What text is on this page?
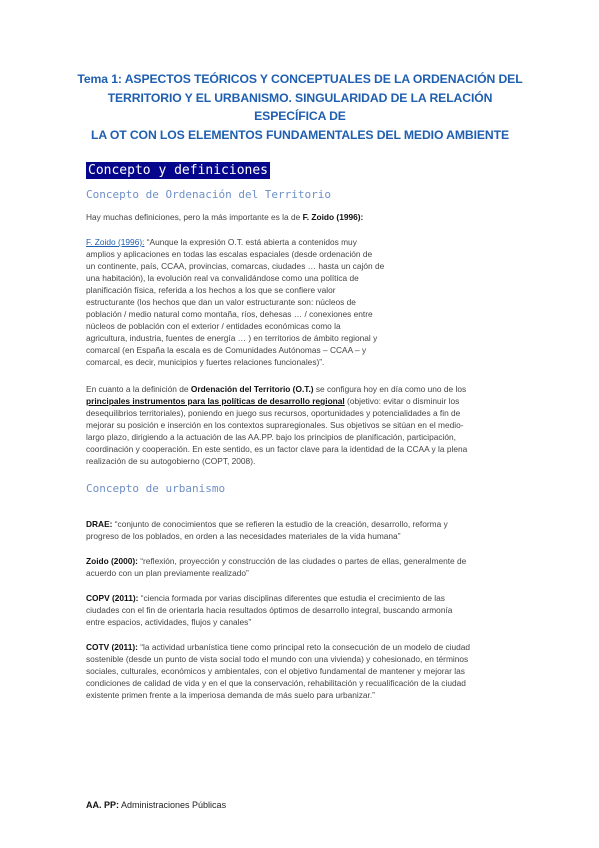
Tema 1: ASPECTOS TEÓRICOS Y CONCEPTUALES DE LA ORDENACIÓN DEL
TERRITORIO Y EL URBANISMO. SINGULARIDAD DE LA RELACIÓN ESPECÍFICA DE
LA OT CON LOS ELEMENTOS FUNDAMENTALES DEL MEDIO AMBIENTE
Concepto y definiciones
Concepto de Ordenación del Territorio

Hay muchas definiciones, pero la más importante es la de F. Zoido (1996):

F. Zoido (1996): “Aunque la expresión O.T. está abierta a contenidos muy
amplios y aplicaciones en todas las escalas espaciales (desde ordenación de
un continente, país, CCAA, provincias, comarcas, ciudades … hasta un cajón de
una habitación), la evolución real va convalidándose como una política de
planificación física, referida a los hechos a los que se confiere valor
estructurante (los hechos que dan un valor estructurante son: núcleos de
población / medio natural como montaña, ríos, dehesas … / conexiones entre
núcleos de población con el exterior / entidades económicas como la
agricultura, industria, fuentes de energía … ) en territorios de ámbito regional y
comarcal (en España la escala es de Comunidades Autónomas – CCAA – y
comarcal, es decir, municipios y fuertes relaciones funcionales)”.
En cuanto a la definición de Ordenación del Territorio (O.T.) se configura hoy en día como uno de los
principales instrumentos para las políticas de desarrollo regional (objetivo: evitar o disminuir los
desequilibrios territoriales), poniendo en juego sus recursos, oportunidades y potencialidades a fin de
mejorar su posición e inserción en los contextos supraregionales. Sus objetivos se sitúan en el medio-
largo plazo, dirigiendo a la actuación de las AA.PP. bajo los principios de planificación, participación,
coordinación y cooperación. En este sentido, es un factor clave para la identidad de la CCAA y la plena
realización de su autogobierno (COPT, 2008).
Concepto de urbanismo
DRAE: “conjunto de conocimientos que se refieren la estudio de la creación, desarrollo, reforma y
progreso de los poblados, en orden a las necesidades materiales de la vida humana”
Zoido (2000): “reflexión, proyección y construcción de las ciudades o partes de ellas, generalmente de
acuerdo con un plan previamente realizado”
COPV (2011): “ciencia formada por varias disciplinas diferentes que estudia el crecimiento de las
ciudades con el fin de orientarla hacia resultados óptimos de desarrollo integral, buscando armonía
entre espacios, actividades, flujos y canales”
COTV (2011): “la actividad urbanística tiene como principal reto la consecución de un modelo de ciudad
sostenible (desde un punto de vista social todo el mundo con una vivienda) y cohesionado, en términos
sociales, culturales, económicos y ambientales, con el objetivo fundamental de mantener y mejorar las
condiciones de calidad de vida y en el que la conservación, rehabilitación y recualificación de la ciudad
existente primen frente a la imperiosa demanda de más suelo para urbanizar.”
AA. PP: Administraciones Públicas
